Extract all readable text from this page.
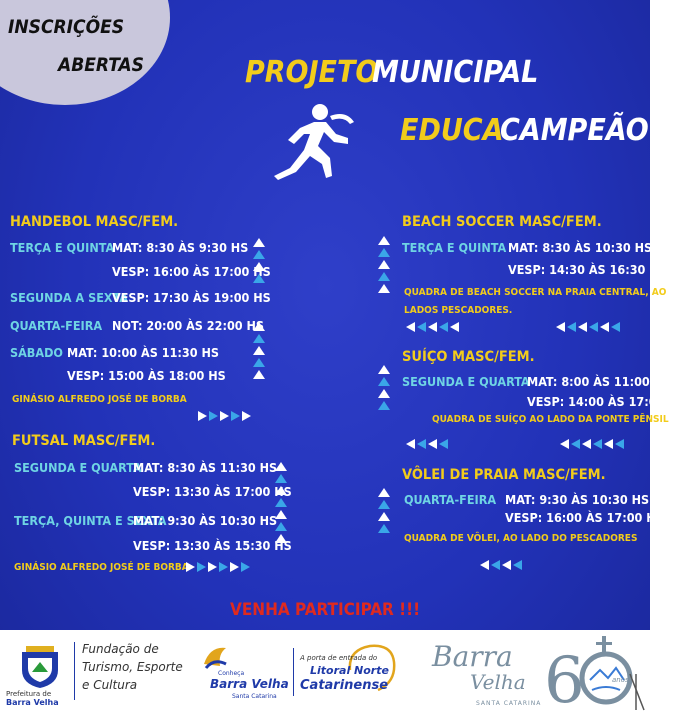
INSCRIÇÕES
ABERTAS	PROJETO
MUNICIPAL
EDUCA
CAMPEÃO
HANDEBOL MASC/FEM.
TERÇA E QUINTA
MAT: 8:30 ÀS 9:30 HS
VESP: 16:00 ÀS 17:00 HS
SEGUNDA A SEXTA
VESP: 17:30 ÀS 19:00 HS
QUARTA-FEIRA NOT: 20:00 ÀS 22:00 HS
SÁBADO MAT: 10:00 ÀS 11:30 HS
VESP: 15:00 ÀS 18:00 HS
GINÁSIO ALFREDO JOSÉ DE BORBA
FUTSAL MASC/FEM.
SEGUNDA E QUARTA
MAT: 8:30 ÀS 11:30 HS
VESP: 13:30 ÀS 17:00 HS
TERÇA, QUINTA E SEXTA
MAT: 9:30 ÀS 10:30 HS
VESP: 13:30 ÀS 15:30 HS
GINÁSIO ALFREDO JOSÉ DE BORBA
BEACH SOCCER MASC/FEM.
TERÇA E QUINTA MAT: 8:30 ÀS 10:30 HS
VESP: 14:30 ÀS 16:30 HS
QUADRA DE BEACH SOCCER NA PRAIA CENTRAL, AO
LADOS PESCADORES.
SUÍÇO MASC/FEM.
SEGUNDA E QUARTA
MAT: 8:00 ÀS 11:00 HS
VESP: 14:00 ÀS 17:00 HS
QUADRA DE SUÍÇO AO LADO DA PONTE PÊNSIL
VÔLEI DE PRAIA MASC/FEM.
QUARTA-FEIRA MAT: 9:30 ÀS 10:30 HS
VESP: 16:00 ÀS 17:00 HS
QUADRA DE VÔLEI, AO LADO DO PESCADORES
VENHA PARTICIPAR !!!
Prefeitura de
Barra Velha
Fundação de
Turismo, Esporte
e Cultura
Conheça
Barra Velha
Santa Catarina
A porta de entrada do
Litoral Norte
Catarinense
Barra
Velha
SANTA CATARINA 6	anos
